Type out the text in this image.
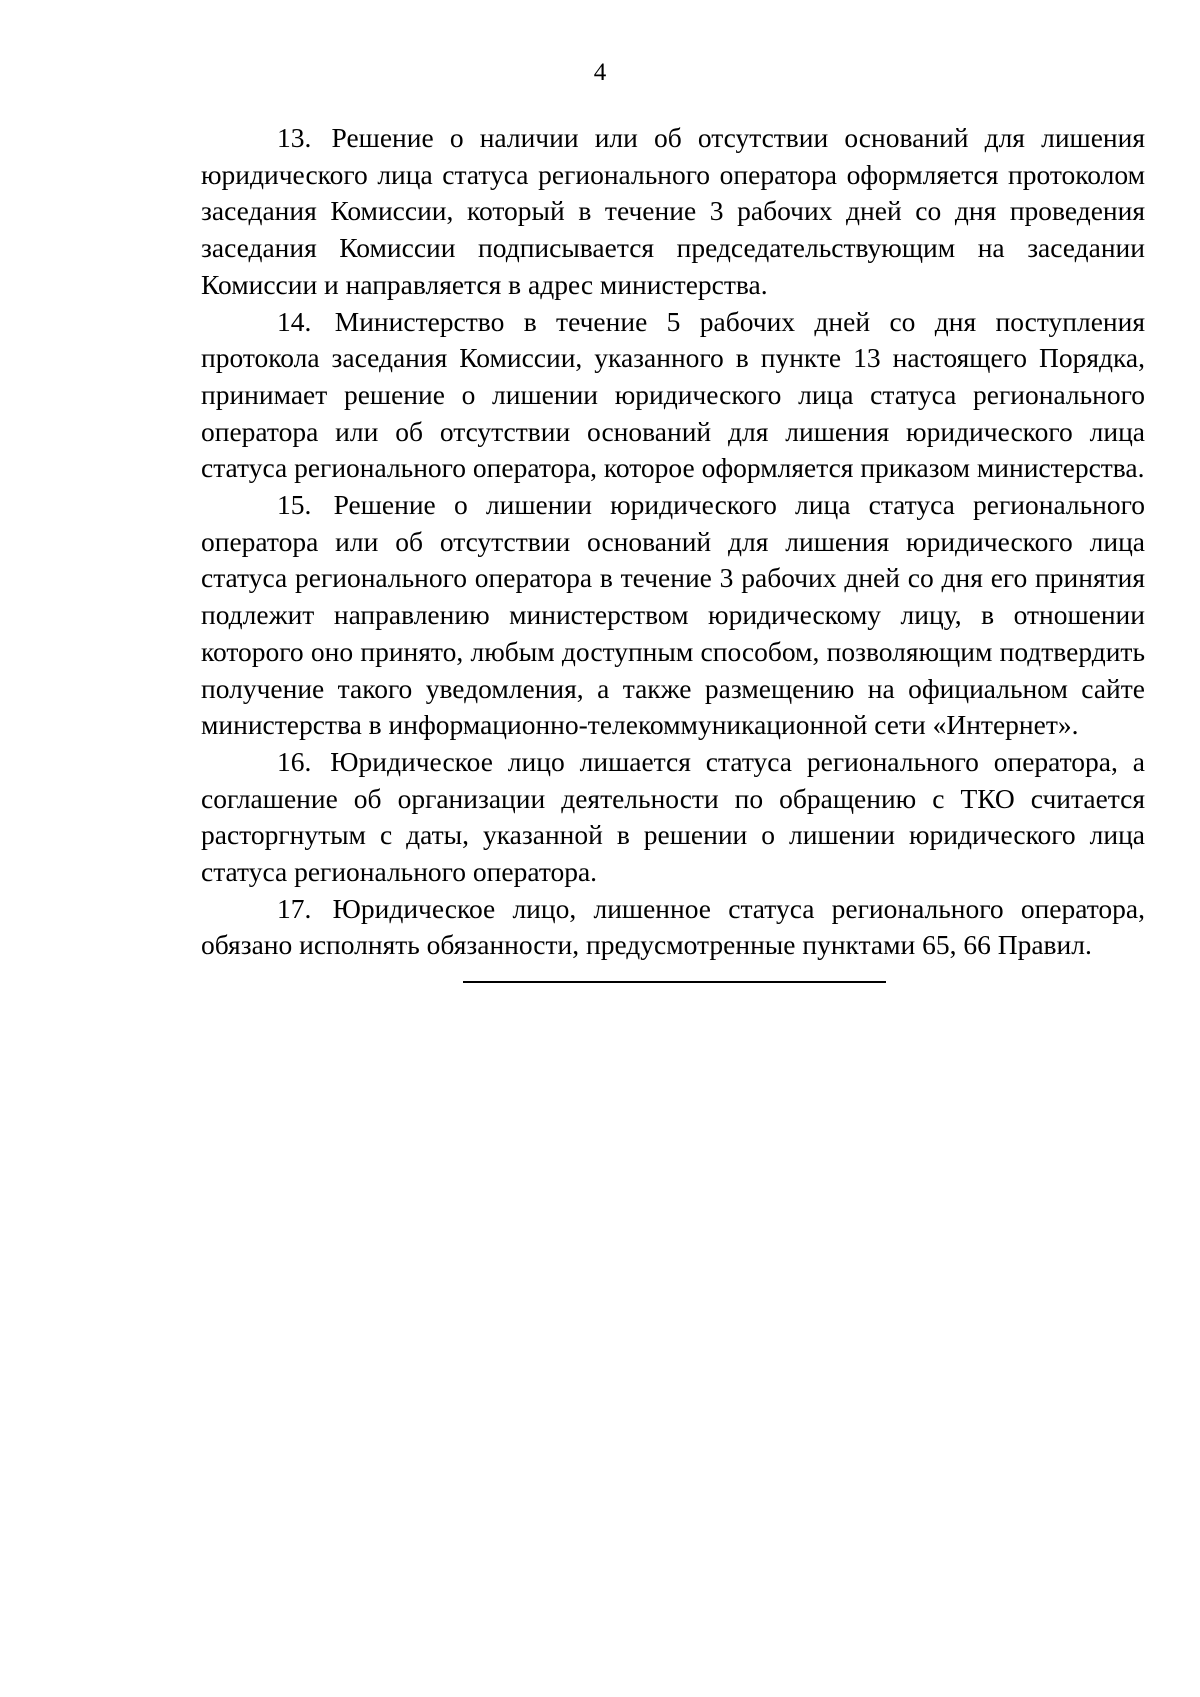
4

13. Решение о наличии или об отсутствии оснований для лишения юридического лица статуса регионального оператора оформляется протоколом заседания Комиссии, который в течение 3 рабочих дней со дня проведения заседания Комиссии подписывается председательствующим на заседании Комиссии и направляется в адрес министерства.

14. Министерство в течение 5 рабочих дней со дня поступления протокола заседания Комиссии, указанного в пункте 13 настоящего Порядка, принимает решение о лишении юридического лица статуса регионального оператора или об отсутствии оснований для лишения юридического лица статуса регионального оператора, которое оформляется приказом министерства.

15. Решение о лишении юридического лица статуса регионального оператора или об отсутствии оснований для лишения юридического лица статуса регионального оператора в течение 3 рабочих дней со дня его принятия подлежит направлению министерством юридическому лицу, в отношении которого оно принято, любым доступным способом, позволяющим подтвердить получение такого уведомления, а также размещению на официальном сайте министерства в информационно-телекоммуникационной сети «Интернет».

16. Юридическое лицо лишается статуса регионального оператора, а соглашение об организации деятельности по обращению с ТКО считается расторгнутым с даты, указанной в решении о лишении юридического лица статуса регионального оператора.

17. Юридическое лицо, лишенное статуса регионального оператора, обязано исполнять обязанности, предусмотренные пунктами 65, 66 Правил.
